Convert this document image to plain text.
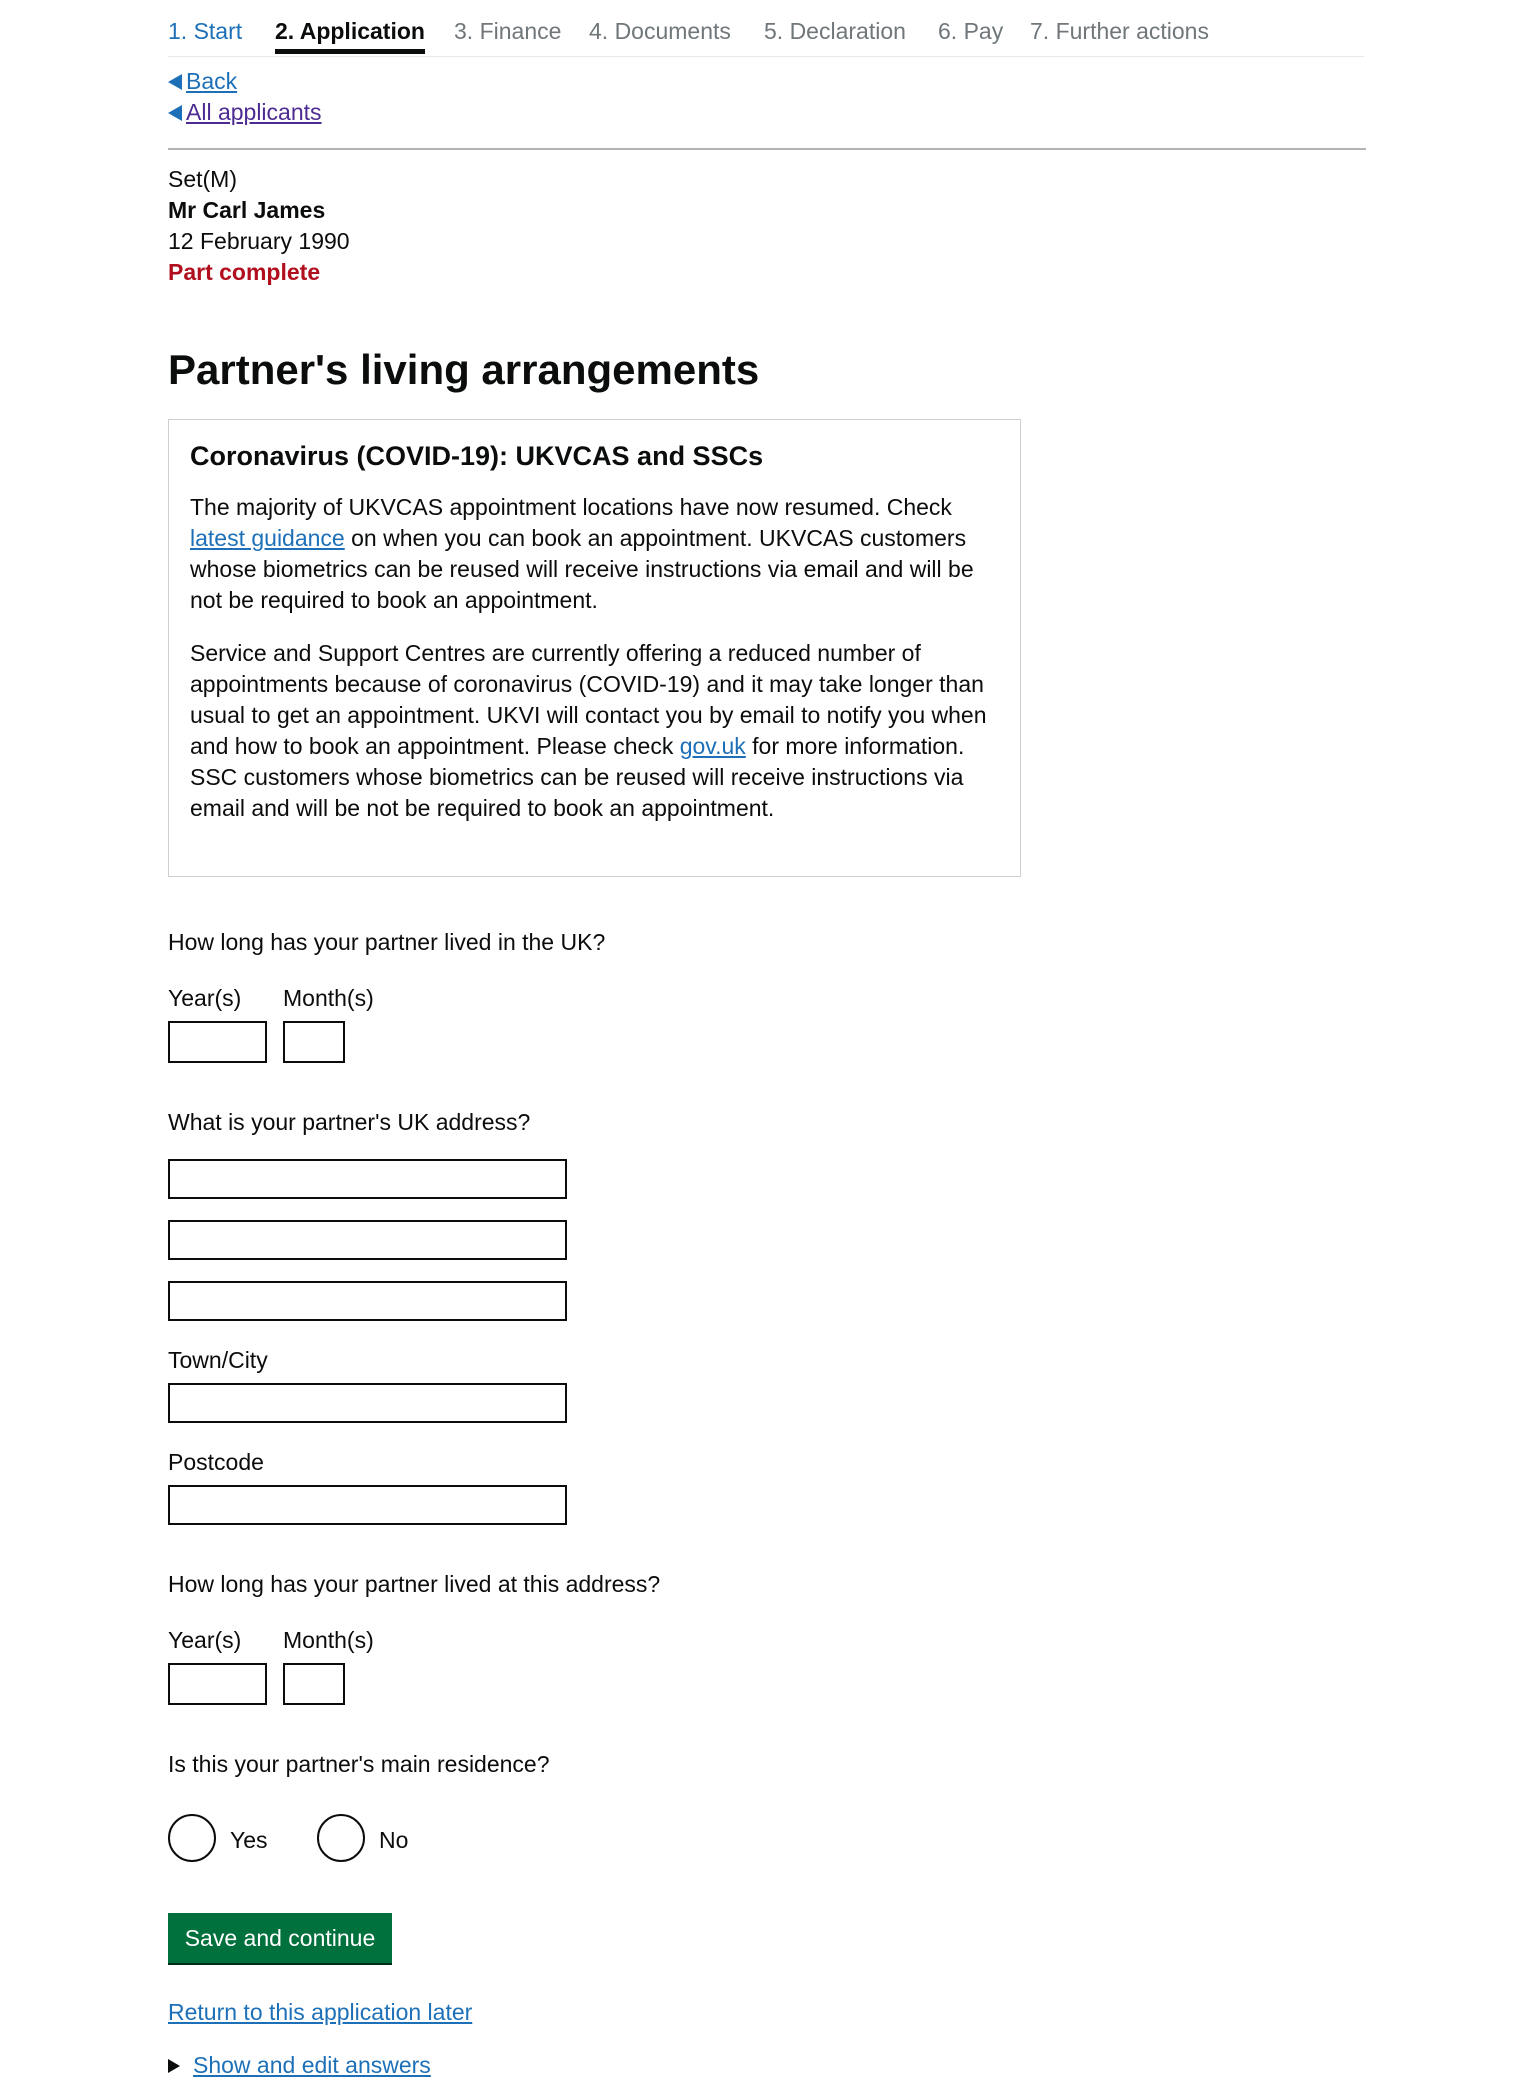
1. Start 2. Application 3. Finance 4. Documents 5. Declaration 6. Pay 7. Further actions
Back
All applicants
Set(M)
Mr Carl James
12 February 1990
Part complete
Partner's living arrangements
Coronavirus (COVID-19): UKVCAS and SSCs

The majority of UKVCAS appointment locations have now resumed. Check latest guidance on when you can book an appointment. UKVCAS customers whose biometrics can be reused will receive instructions via email and will be not be required to book an appointment.

Service and Support Centres are currently offering a reduced number of appointments because of coronavirus (COVID-19) and it may take longer than usual to get an appointment. UKVI will contact you by email to notify you when and how to book an appointment. Please check gov.uk for more information. SSC customers whose biometrics can be reused will receive instructions via email and will be not be required to book an appointment.

How long has your partner lived in the UK?
Year(s) Month(s)
What is your partner's UK address?
Town/City
Postcode
How long has your partner lived at this address?
Year(s) Month(s)
Is this your partner's main residence?
Yes	No
Save and continue
Return to this application later
Show and edit answers
